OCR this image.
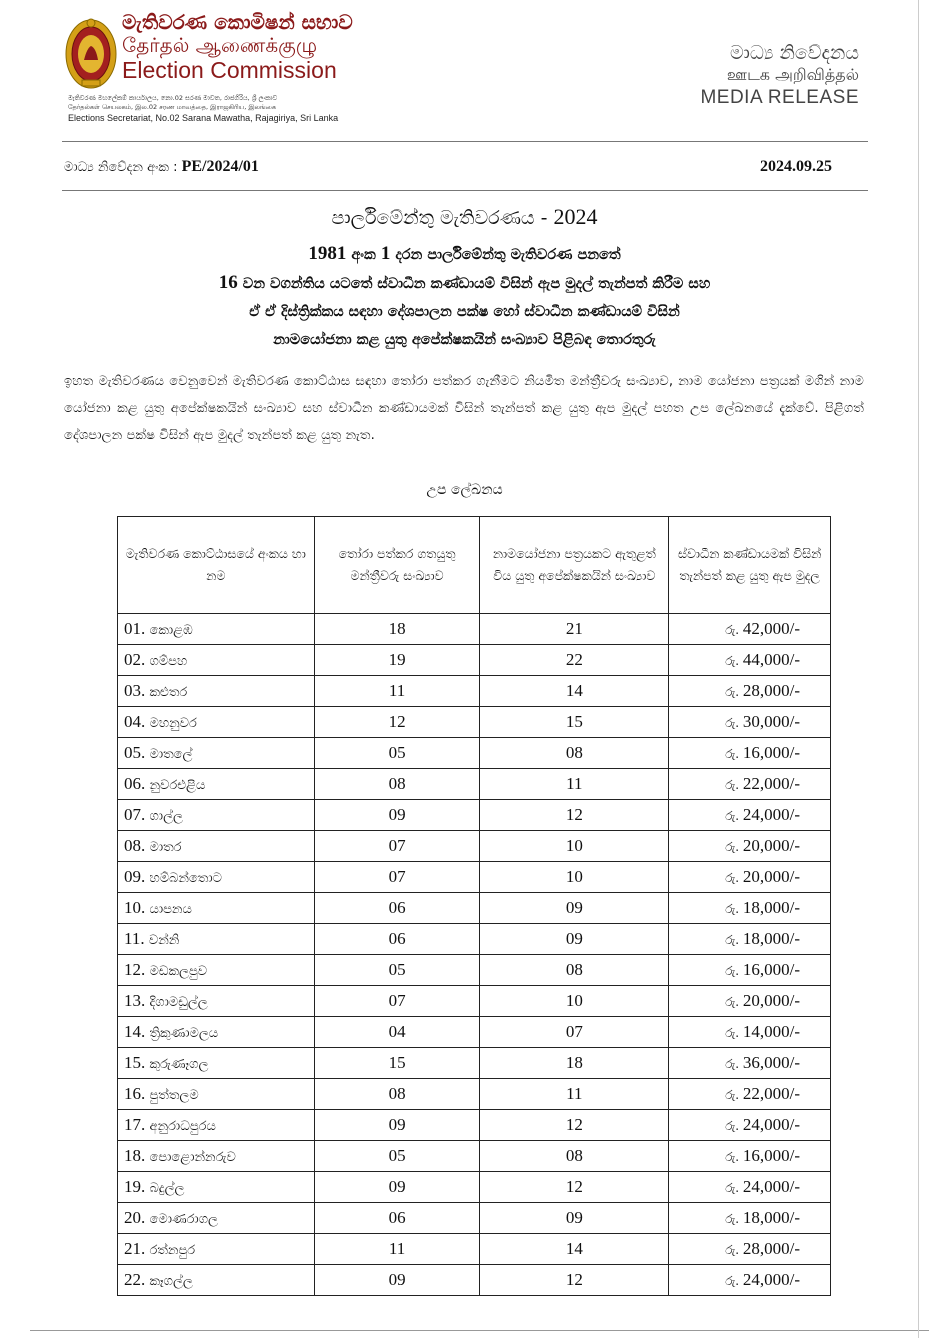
මැතිවරණ කොමිෂන් සභාව
தேர்தல் ஆணைக்குழு
Election Commission
මැතිවරණ මහලේකම් කාර්යාලය, නො.02 සරණ මාවත, රාජගිරිය, ශ්‍රී ලංකාව
தேர்தல்கள் செயலகம், இல.02 சரண மாவத்தை, இராஜகிரிய, இலங்கை
Elections Secretariat, No.02 Sarana Mawatha, Rajagiriya, Sri Lanka
මාධ්‍ය නිවේදනය
ஊடக அறிவித்தல்
MEDIA RELEASE
මාධ්‍ය නිවේදන අංක : PE/2024/01	2024.09.25
පාර්ලිමේන්තු මැතිවරණය - 2024
1981 අංක 1 දරන පාර්ලිමේන්තු මැතිවරණ පනතේ
16 වන වගන්තිය යටතේ ස්වාධීන කණ්ඩායම් විසින් ඇප මුදල් තැන්පත් කිරීම සහ
ඒ ඒ දිස්ත්‍රික්කය සඳහා දේශපාලන පක්ෂ හෝ ස්වාධීන කණ්ඩායම් විසින්
නාමයෝජනා කළ යුතු අපේක්ෂකයින් සංඛ්‍යාව පිළිබඳ තොරතුරු
ඉහත මැතිවරණය වෙනුවෙන් මැතිවරණ කොට්ඨාස සඳහා තෝරා පත්කර ගැනීමට නියමිත මන්ත්‍රීවරු සංඛ්‍යාව, නාම යෝජනා පත්‍රයක් මගින් නාම යෝජනා කළ යුතු අපේක්ෂකයින් සංඛ්‍යාව සහ ස්වාධීන කණ්ඩායමක් විසින් තැන්පත් කළ යුතු ඇප මුදල් පහත උප ලේඛනයේ දැක්වේ. පිළිගත් දේශපාලන පක්ෂ විසින් ඇප මුදල් තැන්පත් කළ යුතු නැත.
උප ලේඛනය
මැතිවරණ කොට්ඨාසයේ අංකය හා නම	තෝරා පත්කර ගතයුතු මන්ත්‍රීවරු සංඛ්‍යාව	නාමයෝජනා පත්‍රයකට ඇතුළත් විය යුතු අපේක්ෂකයින් සංඛ්‍යාව	ස්වාධීන කණ්ඩායමක් විසින් තැන්පත් කළ යුතු ඇප මුදල
01. කොළඹ	18	21	රු. 42,000/-
02. ගම්පහ	19	22	රු. 44,000/-
03. කළුතර	11	14	රු. 28,000/-
04. මහනුවර	12	15	රු. 30,000/-
05. මාතලේ	05	08	රු. 16,000/-
06. නුවරඑළිය	08	11	රු. 22,000/-
07. ගාල්ල	09	12	රු. 24,000/-
08. මාතර	07	10	රු. 20,000/-
09. හම්බන්තොට	07	10	රු. 20,000/-
10. යාපනය	06	09	රු. 18,000/-
11. වන්නි	06	09	රු. 18,000/-
12. මඩකලපුව	05	08	රු. 16,000/-
13. දිගාමඩුල්ල	07	10	රු. 20,000/-
14. ත්‍රිකුණාමලය	04	07	රු. 14,000/-
15. කුරුණෑගල	15	18	රු. 36,000/-
16. පුත්තලම	08	11	රු. 22,000/-
17. අනුරාධපුරය	09	12	රු. 24,000/-
18. පොළොන්නරුව	05	08	රු. 16,000/-
19. බදුල්ල	09	12	රු. 24,000/-
20. මොණරාගල	06	09	රු. 18,000/-
21. රත්නපුර	11	14	රු. 28,000/-
22. කෑගල්ල	09	12	රු. 24,000/-
